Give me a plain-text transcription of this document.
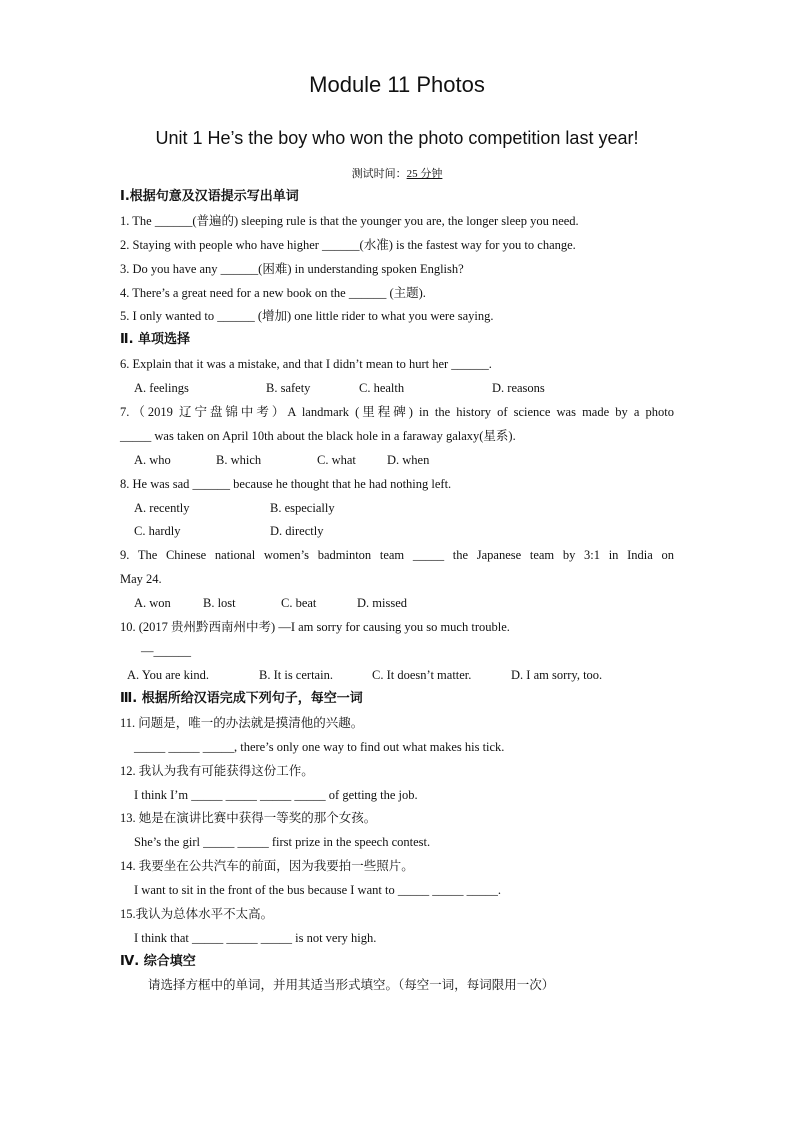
Module 11 Photos
Unit 1 He’s the boy who won the photo competition last year!
测试时间：25 分钟
Ⅰ.根据句意及汉语提示写出单词
1. The ______(普遍的) sleeping rule is that the younger you are, the longer sleep you need.
2. Staying with people who have higher ______(水准) is the fastest way for you to change.
3. Do you have any ______(困难) in understanding spoken English?
4. There’s a great need for a new book on the ______ (主题).
5. I only wanted to ______ (增加) one little rider to what you were saying.
Ⅱ. 单项选择
6. Explain that it was a mistake, and that I didn’t mean to hurt her ______.
A. feelings	B. safety	C. health	D. reasons
7.（2019 辽宁盘锦中考）A landmark (里程碑) in the history of science was made by a photo
_____ was taken on April 10th about the black hole in a faraway galaxy(星系).
A. who	B. which	C. what D. when
8. He was sad ______ because he thought that he had nothing left.
A. recently	B. especially
C. hardly	D. directly
9. The Chinese national women’s badminton team _____ the Japanese team by 3:1 in India on
May 24.
A. won	B. lost	C. beat	D. missed
10. (2017 贵州黔西南州中考) —I am sorry for causing you so much trouble.
—______
A. You are kind.	B. It is certain.	C. It doesn’t matter.	D. I am sorry, too.
Ⅲ. 根据所给汉语完成下列句子，每空一词
11. 问题是，唯一的办法就是摸清他的兴趣。
_____ _____ _____, there’s only one way to find out what makes his tick.
12. 我认为我有可能获得这份工作。
I think I’m _____ _____ _____ _____ of getting the job.
13. 她是在演讲比赛中获得一等奖的那个女孩。
She’s the girl _____ _____ first prize in the speech contest.
14. 我要坐在公共汽车的前面，因为我要拍一些照片。
I want to sit in the front of the bus because I want to _____ _____ _____.
15.我认为总体水平不太高。
I think that _____ _____ _____ is not very high.
Ⅳ. 综合填空
请选择方框中的单词，并用其适当形式填空。（每空一词，每词限用一次）
